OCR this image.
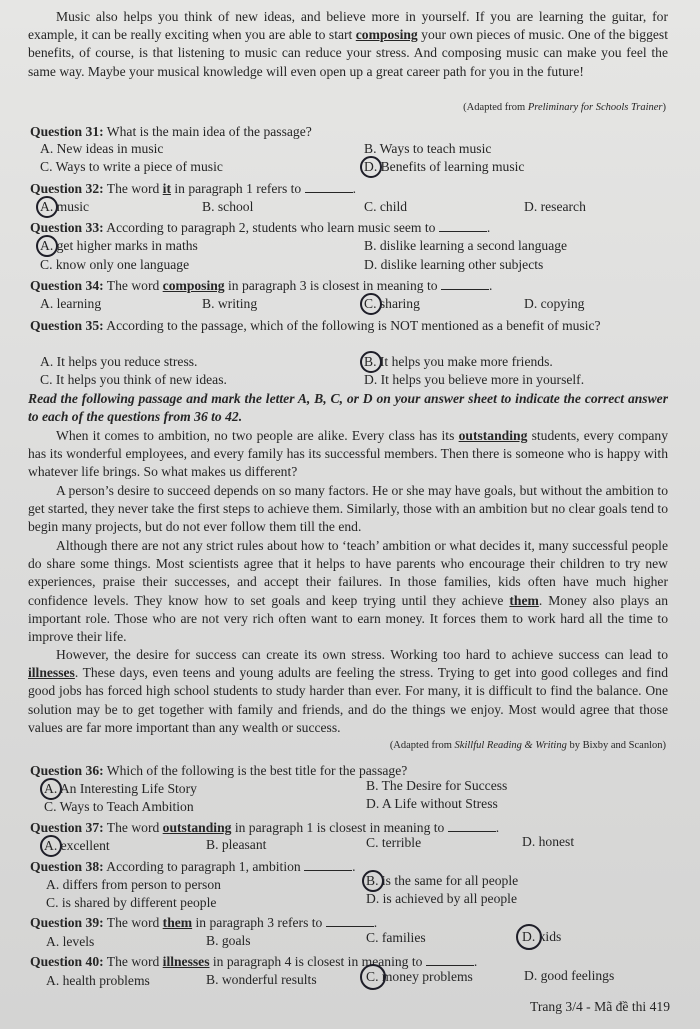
Music also helps you think of new ideas, and believe more in yourself. If you are learning the guitar, for example, it can be really exciting when you are able to start composing your own pieces of music. One of the biggest benefits, of course, is that listening to music can reduce your stress. And composing music can make you feel the same way. Maybe your musical knowledge will even open up a great career path for you in the future!

(Adapted from Preliminary for Schools Trainer)
Question 31: What is the main idea of the passage?
A. New ideas in music	B. Ways to teach music
C. Ways to write a piece of music	D. Benefits of learning music
Question 32: The word it in paragraph 1 refers to	.
A. music	B. school	C. child	D. research
Question 33: According to paragraph 2, students who learn music seem to	.
A. get higher marks in maths	B. dislike learning a second language
C. know only one language	D. dislike learning other subjects
Question 34: The word composing in paragraph 3 is closest in meaning to	.
A. learning	B. writing	C. sharing	D. copying
Question 35: According to the passage, which of the following is NOT mentioned as a benefit of music?
A. It helps you reduce stress.	B. It helps you make more friends.
C. It helps you think of new ideas.	D. It helps you believe more in yourself.

Read the following passage and mark the letter A, B, C, or D on your answer sheet to indicate the correct answer to each of the questions from 36 to 42.

When it comes to ambition, no two people are alike. Every class has its outstanding students, every company has its wonderful employees, and every family has its successful members. Then there is someone who is happy with whatever life brings. So what makes us different?

A person’s desire to succeed depends on so many factors. He or she may have goals, but without the ambition to get started, they never take the first steps to achieve them. Similarly, those with an ambition but no clear goals tend to begin many projects, but do not ever follow them till the end.

Although there are not any strict rules about how to ‘teach’ ambition or what decides it, many successful people do share some things. Most scientists agree that it helps to have parents who encourage their children to try new experiences, praise their successes, and accept their failures. In those families, kids often have much higher confidence levels. They know how to set goals and keep trying until they achieve them. Money also plays an important role. Those who are not very rich often want to earn money. It forces them to work hard all the time to improve their life.

However, the desire for success can create its own stress. Working too hard to achieve success can lead to illnesses. These days, even teens and young adults are feeling the stress. Trying to get into good colleges and find good jobs has forced high school students to study harder than ever. For many, it is difficult to find the balance. One solution may be to get together with family and friends, and do the things we enjoy. Most would agree that those values are far more important than any wealth or success.

(Adapted from Skillful Reading & Writing by Bixby and Scanlon)
Question 36: Which of the following is the best title for the passage?
A. An Interesting Life Story	B. The Desire for Success
C. Ways to Teach Ambition	D. A Life without Stress
Question 37: The word outstanding in paragraph 1 is closest in meaning to	.
A. excellent	B. pleasant	C. terrible	D. honest
Question 38: According to paragraph 1, ambition	.
A. differs from person to person	B. is the same for all people
C. is shared by different people	D. is achieved by all people
Question 39: The word them in paragraph 3 refers to	.
A. levels	B. goals	C. families	D. kids
Question 40: The word illnesses in paragraph 4 is closest in meaning to	.
A. health problems	B. wonderful results	C. money problems	D. good feelings
Trang 3/4 - Mã đề thi 419
